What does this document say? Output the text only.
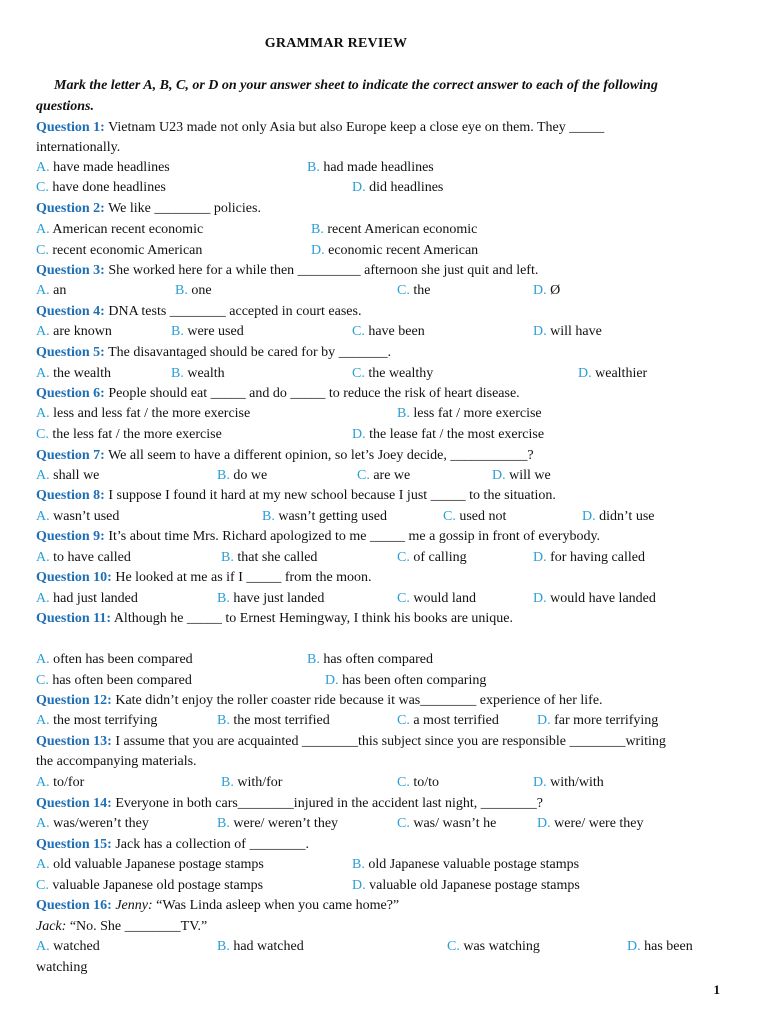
GRAMMAR REVIEW
Mark the letter A, B, C, or D on your answer sheet to indicate the correct answer to each of the following questions.
Question 1: Vietnam U23 made not only Asia but also Europe keep a close eye on them. They _____
internationally.
A. have made headlines	B. had made headlines
C. have done headlines	D. did headlines
Question 2: We like ________ policies.
A. American recent economic	B. recent American economic
C. recent economic American	D. economic recent American
Question 3: She worked here for a while then _________ afternoon she just quit and left.
A. an	B. one	C. the	D. Ø
Question 4: DNA tests ________ accepted in court eases.
A. are known	B. were used	C. have been	D. will have
Question 5: The disavantaged should be cared for by _______.
A. the wealth	B. wealth	C. the wealthy	D. wealthier
Question 6: People should eat _____ and do _____ to reduce the risk of heart disease.
A. less and less fat / the more exercise	B. less fat / more exercise
C. the less fat / the more exercise	D. the lease fat / the most exercise
Question 7: We all seem to have a different opinion, so let’s Joey decide, ___________?
A. shall we	B. do we	C. are we	D. will we
Question 8: I suppose I found it hard at my new school because I just _____ to the situation.
A. wasn’t used	B. wasn’t getting used	C. used not	D. didn’t use
Question 9: It’s about time Mrs. Richard apologized to me _____ me a gossip in front of everybody.
A. to have called	B. that she called	C. of calling	D. for having called
Question 10: He looked at me as if I _____ from the moon.
A. had just landed	B. have just landed	C. would land	D. would have landed
Question 11: Although he _____ to Ernest Hemingway, I think his books are unique.
A. often has been compared	B. has often compared
C. has often been compared	D. has been often comparing
Question 12: Kate didn’t enjoy the roller coaster ride because it was________ experience of her life.
A. the most terrifying	B. the most terrified	C. a most terrified	D. far more terrifying
Question 13: I assume that you are acquainted ________this subject since you are responsible ________writing
the accompanying materials.
A. to/for	B. with/for	C. to/to	D. with/with
Question 14: Everyone in both cars________injured in the accident last night, ________?
A. was/weren’t they	B. were/ weren’t they	C. was/ wasn’t he	D. were/ were they
Question 15: Jack has a collection of ________.
A. old valuable Japanese postage stamps	B. old Japanese valuable postage stamps
C. valuable Japanese old postage stamps	D. valuable old Japanese postage stamps
Question 16: Jenny: “Was Linda asleep when you came home?”
Jack: “No. She ________TV.”
A. watched	B. had watched	C. was watching	D. has been
watching
1
